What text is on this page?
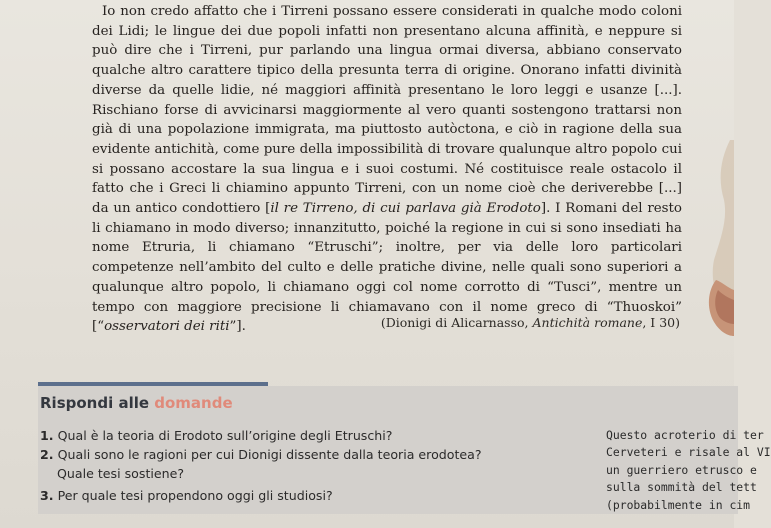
Io non credo affatto che i Tirreni possano essere considerati in qualche modo coloni dei Lidi; le lingue dei due popoli infatti non presentano alcuna affinità, e neppure si può dire che i Tirreni, pur parlando una lingua ormai diversa, abbiano conservato qualche altro carattere tipico della presunta terra di origine. Onorano infatti divinità diverse da quelle lidie, né maggiori affinità presentano le loro leggi e usanze [...]. Rischiano forse di avvicinarsi maggiormente al vero quanti sostengono trattarsi non già di una popolazione immigrata, ma piuttosto autòctona, e ciò in ragione della sua evidente antichità, come pure della impossibilità di trovare qualunque altro popolo cui si possano accostare la sua lingua e i suoi costumi. Né costituisce reale ostacolo il fatto che i Greci li chiamino appunto Tirreni, con un nome cioè che deriverebbe [...] da un antico condottiero [il re Tirreno, di cui parlava già Erodoto]. I Romani del resto li chiamano in modo diverso; innanzitutto, poiché la regione in cui si sono insediati ha nome Etruria, li chiamano “Etruschi”; inoltre, per via delle loro particolari competenze nell’ambito del culto e delle pratiche divine, nelle quali sono superiori a qualunque altro popolo, li chiamano oggi col nome corrotto di “Tusci”, mentre un tempo con maggiore precisione li chiamavano con il nome greco di “Thuoskoi” [“osservatori dei riti”].	(Dionigi di Alicarnasso, Antichità romane, I 30)
Rispondi alle domande
1. Qual è la teoria di Erodoto sull’origine degli Etruschi?
2. Quali sono le ragioni per cui Dionigi dissente dalla teoria erodotea?
Quale tesi sostiene?
3. Per quale tesi propendono oggi gli studiosi?
Questo acroterio di ter
Cerveteri e risale al VI
un guerriero etrusco e
sulla sommità del tett
(probabilmente in cim
